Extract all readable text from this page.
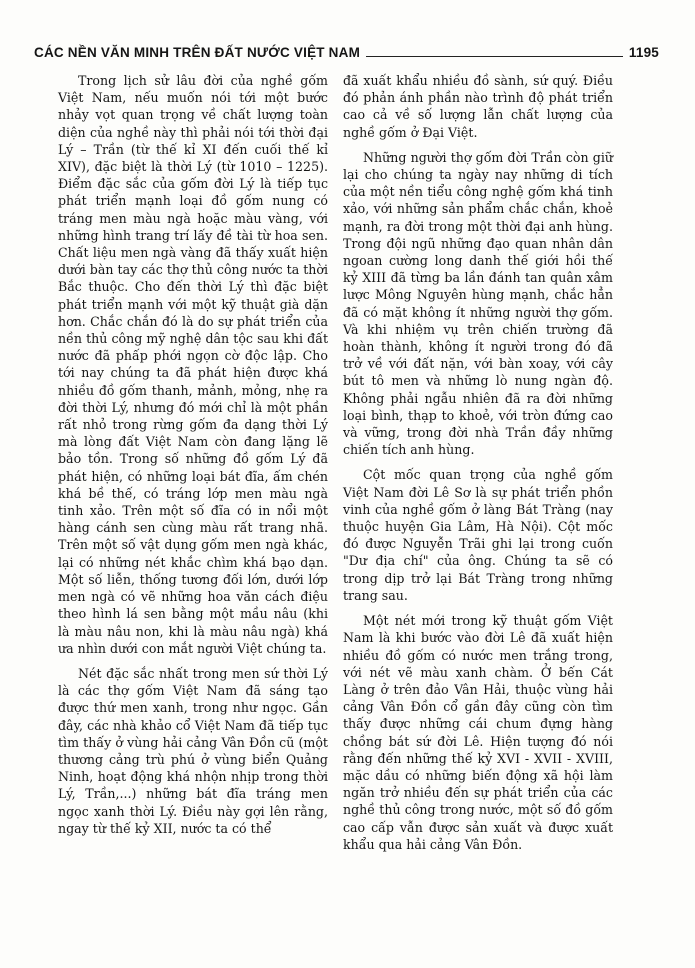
CÁC NỀN VĂN MINH TRÊN ĐẤT NƯỚC VIỆT NAM	1195

Trong lịch sử lâu đời của nghề gốm Việt Nam, nếu muốn nói tới một bước nhảy vọt quan trọng về chất lượng toàn diện của nghề này thì phải nói tới thời đại Lý – Trần (từ thế kỉ XI đến cuối thế kỉ XIV), đặc biệt là thời Lý (từ 1010 – 1225). Điểm đặc sắc của gốm đời Lý là tiếp tục phát triển mạnh loại đồ gốm nung có tráng men màu ngà hoặc màu vàng, với những hình trang trí lấy đề tài từ hoa sen. Chất liệu men ngà vàng đã thấy xuất hiện dưới bàn tay các thợ thủ công nước ta thời Bắc thuộc. Cho đến thời Lý thì đặc biệt phát triển mạnh với một kỹ thuật già dặn hơn. Chắc chắn đó là do sự phát triển của nền thủ công mỹ nghệ dân tộc sau khi đất nước đã phấp phới ngọn cờ độc lập. Cho tới nay chúng ta đã phát hiện được khá nhiều đồ gốm thanh, mảnh, mỏng, nhẹ ra đời thời Lý, nhưng đó mới chỉ là một phần rất nhỏ trong rừng gốm đa dạng thời Lý mà lòng đất Việt Nam còn đang lặng lẽ bảo tồn. Trong số những đồ gốm Lý đã phát hiện, có những loại bát đĩa, ấm chén khá bề thế, có tráng lớp men màu ngà tinh xảo. Trên một số đĩa có in nổi một hàng cánh sen cùng màu rất trang nhã. Trên một số vật dụng gốm men ngà khác, lại có những nét khắc chìm khá bạo dạn. Một số liễn, thống tương đối lớn, dưới lớp men ngà có vẽ những hoa văn cách điệu theo hình lá sen bằng một mầu nâu (khi là màu nâu non, khi là màu nâu ngà) khá ưa nhìn dưới con mắt người Việt chúng ta.

Nét đặc sắc nhất trong men sứ thời Lý là các thợ gốm Việt Nam đã sáng tạo được thứ men xanh, trong như ngọc. Gần đây, các nhà khảo cổ Việt Nam đã tiếp tục tìm thấy ở vùng hải cảng Vân Đồn cũ (một thương cảng trù phú ở vùng biển Quảng Ninh, hoạt động khá nhộn nhịp trong thời Lý, Trần,...) những bát đĩa tráng men ngọc xanh thời Lý. Điều này gợi lên rằng, ngay từ thế kỷ XII, nước ta có thể

đã xuất khẩu nhiều đồ sành, sứ quý. Điều đó phản ánh phần nào trình độ phát triển cao cả về số lượng lẫn chất lượng của nghề gốm ở Đại Việt.

Những người thợ gốm đời Trần còn giữ lại cho chúng ta ngày nay những di tích của một nền tiểu công nghệ gốm khá tinh xảo, với những sản phẩm chắc chắn, khoẻ mạnh, ra đời trong một thời đại anh hùng. Trong đội ngũ những đạo quan nhân dân ngoan cường long danh thế giới hồi thế kỷ XIII đã từng ba lần đánh tan quân xâm lược Mông Nguyên hùng mạnh, chắc hẳn đã có mặt không ít những người thợ gốm. Và khi nhiệm vụ trên chiến trường đã hoàn thành, không ít người trong đó đã trở về với đất nặn, với bàn xoay, với cây bút tô men và những lò nung ngàn độ. Không phải ngẫu nhiên đã ra đời những loại bình, thạp to khoẻ, với tròn đứng cao và vững, trong đời nhà Trần đầy những chiến tích anh hùng.

Cột mốc quan trọng của nghề gốm Việt Nam đời Lê Sơ là sự phát triển phồn vinh của nghề gốm ở làng Bát Tràng (nay thuộc huyện Gia Lâm, Hà Nội). Cột mốc đó được Nguyễn Trãi ghi lại trong cuốn "Dư địa chí" của ông. Chúng ta sẽ có trong dịp trở lại Bát Tràng trong những trang sau.

Một nét mới trong kỹ thuật gốm Việt Nam là khi bước vào đời Lê đã xuất hiện nhiều đồ gốm có nước men trắng trong, với nét vẽ màu xanh chàm. Ở bến Cát Làng ở trên đảo Vân Hải, thuộc vùng hải cảng Vân Đồn cổ gần đây cũng còn tìm thấy được những cái chum đựng hàng chồng bát sứ đời Lê. Hiện tượng đó nói rằng đến những thế kỷ XVI - XVII - XVIII, mặc dầu có những biến động xã hội làm ngăn trở nhiều đến sự phát triển của các nghề thủ công trong nước, một số đồ gốm cao cấp vẫn được sản xuất và được xuất khẩu qua hải cảng Vân Đồn.
